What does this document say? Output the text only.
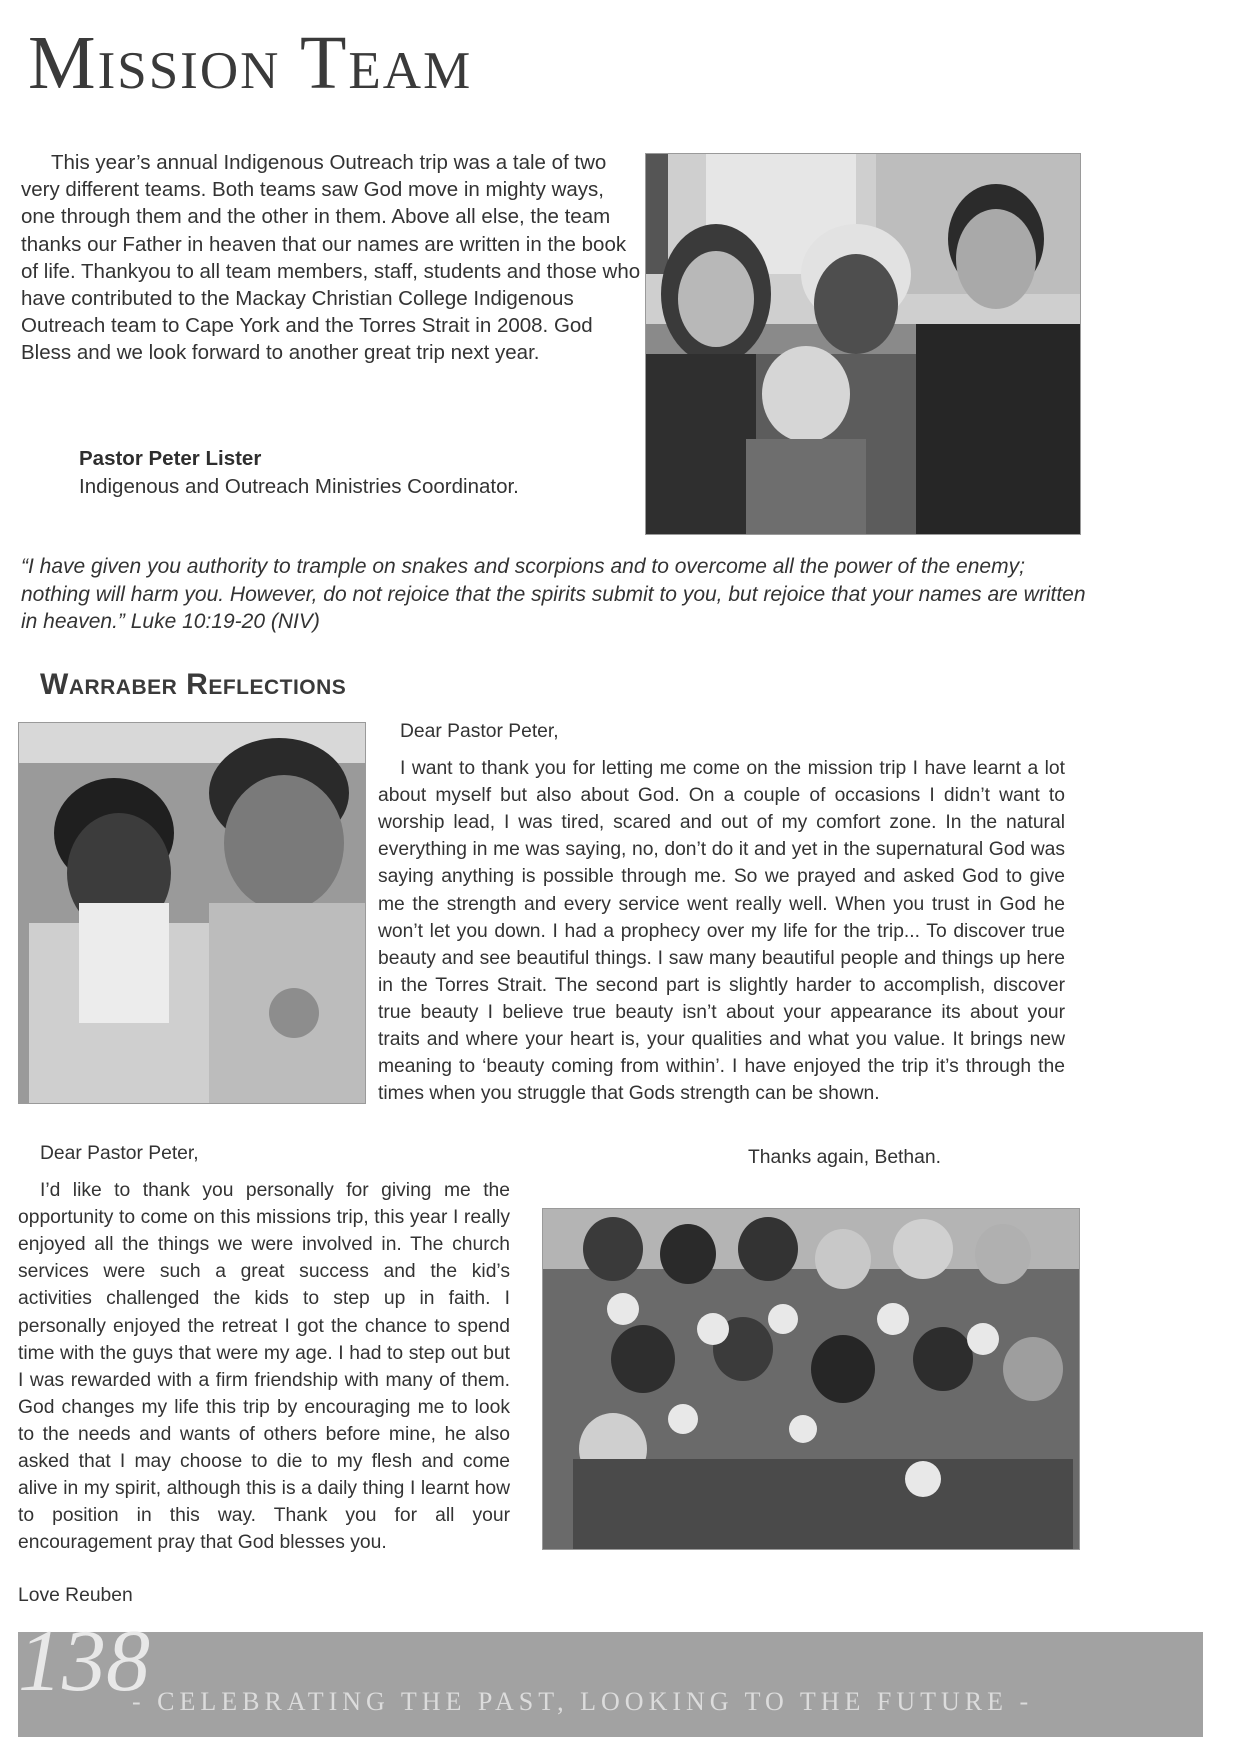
Mission Team

This year’s annual Indigenous Outreach trip was a tale of two very different teams. Both teams saw God move in mighty ways, one through them and the other in them. Above all else, the team thanks our Father in heaven that our names are written in the book of life. Thankyou to all team members, staff, students and those who have contributed to the Mackay Christian College Indigenous Outreach team to Cape York and the Torres Strait in 2008. God Bless and we look forward to another great trip next year.

Pastor Peter Lister
Indigenous and Outreach Ministries Coordinator.

“I have given you authority to trample on snakes and scorpions and to overcome all the power of the enemy; nothing will harm you. However, do not rejoice that the spirits submit to you, but rejoice that your names are written in heaven.” Luke 10:19-20 (NIV)

Warraber Reflections

Dear Pastor Peter,

I want to thank you for letting me come on the mission trip I have learnt a lot about myself but also about God. On a couple of occasions I didn’t want to worship lead, I was tired, scared and out of my comfort zone. In the natural everything in me was saying, no, don’t do it and yet in the supernatural God was saying anything is possible through me. So we prayed and asked God to give me the strength and every service went really well. When you trust in God he won’t let you down. I had a prophecy over my life for the trip... To discover true beauty and see beautiful things. I saw many beautiful people and things up here in the Torres Strait. The second part is slightly harder to accomplish, discover true beauty I believe true beauty isn’t about your appearance its about your traits and where your heart is, your qualities and what you value. It brings new meaning to ‘beauty coming from within’. I have enjoyed the trip it’s through the times when you struggle that Gods strength can be shown.

Thanks again, Bethan.

Dear Pastor Peter,

I’d like to thank you personally for giving me the opportunity to come on this missions trip, this year I really enjoyed all the things we were involved in. The church services were such a great success and the kid’s activities challenged the kids to step up in faith. I personally enjoyed the retreat I got the chance to spend time with the guys that were my age. I had to step out but I was rewarded with a firm friendship with many of them. God changes my life this trip by encouraging me to look to the needs and wants of others before mine, he also asked that I may choose to die to my flesh and come alive in my spirit, although this is a daily thing I learnt how to position in this way. Thank you for all your encouragement pray that God blesses you.

Love Reuben
138
- CELEBRATING THE PAST, LOOKING TO THE FUTURE -
